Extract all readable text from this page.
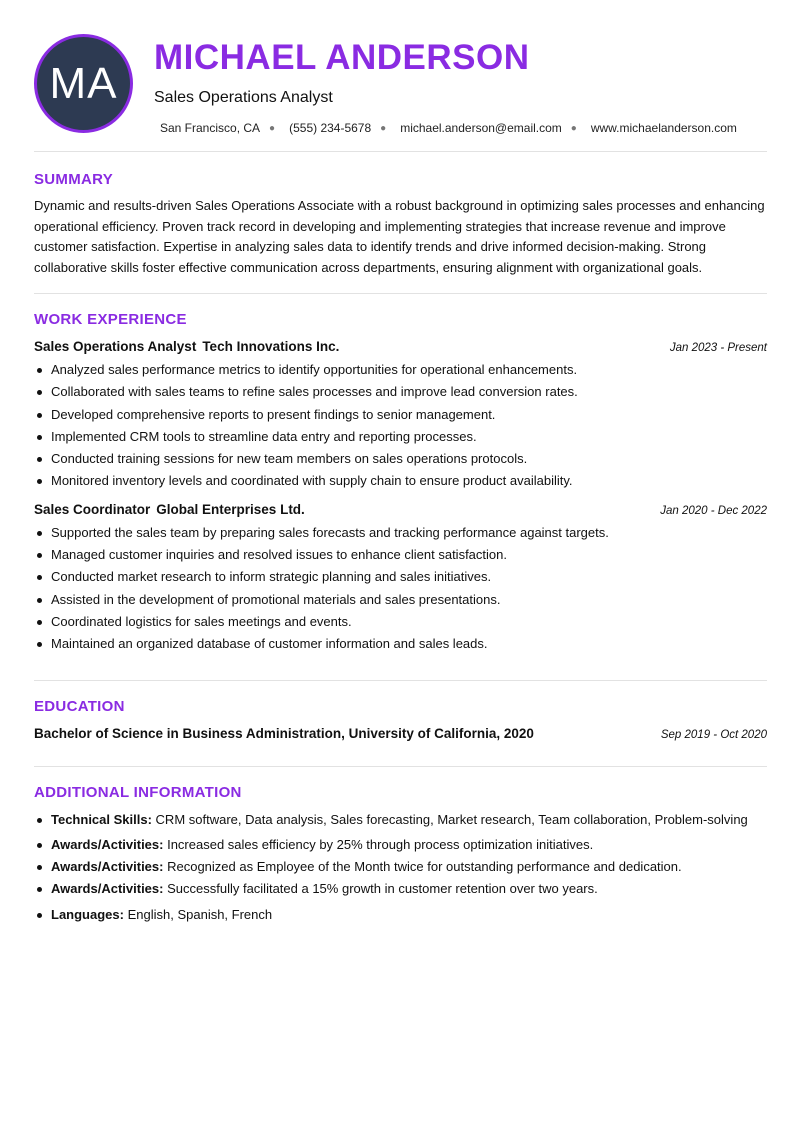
MA
MICHAEL ANDERSON
Sales Operations Analyst
San Francisco, CA ● (555) 234-5678 ● michael.anderson@email.com ● www.michaelanderson.com
SUMMARY

Dynamic and results-driven Sales Operations Associate with a robust background in optimizing sales processes and enhancing operational efficiency. Proven track record in developing and implementing strategies that increase revenue and improve customer satisfaction. Expertise in analyzing sales data to identify trends and drive informed decision-making. Strong collaborative skills foster effective communication across departments, ensuring alignment with organizational goals.

WORK EXPERIENCE
Sales Operations Analyst Tech Innovations Inc.	Jan 2023 - Present
Analyzed sales performance metrics to identify opportunities for operational enhancements.
Collaborated with sales teams to refine sales processes and improve lead conversion rates.
Developed comprehensive reports to present findings to senior management.
Implemented CRM tools to streamline data entry and reporting processes.
Conducted training sessions for new team members on sales operations protocols.
Monitored inventory levels and coordinated with supply chain to ensure product availability.
Sales Coordinator Global Enterprises Ltd.	Jan 2020 - Dec 2022
Supported the sales team by preparing sales forecasts and tracking performance against targets.
Managed customer inquiries and resolved issues to enhance client satisfaction.
Conducted market research to inform strategic planning and sales initiatives.
Assisted in the development of promotional materials and sales presentations.
Coordinated logistics for sales meetings and events.
Maintained an organized database of customer information and sales leads.
EDUCATION
Bachelor of Science in Business Administration, University of California, 2020	Sep 2019 - Oct 2020
ADDITIONAL INFORMATION
Technical Skills: CRM software, Data analysis, Sales forecasting, Market research, Team collaboration, Problem-solving
Awards/Activities: Increased sales efficiency by 25% through process optimization initiatives.
Awards/Activities: Recognized as Employee of the Month twice for outstanding performance and dedication.
Awards/Activities: Successfully facilitated a 15% growth in customer retention over two years.
Languages: English, Spanish, French
